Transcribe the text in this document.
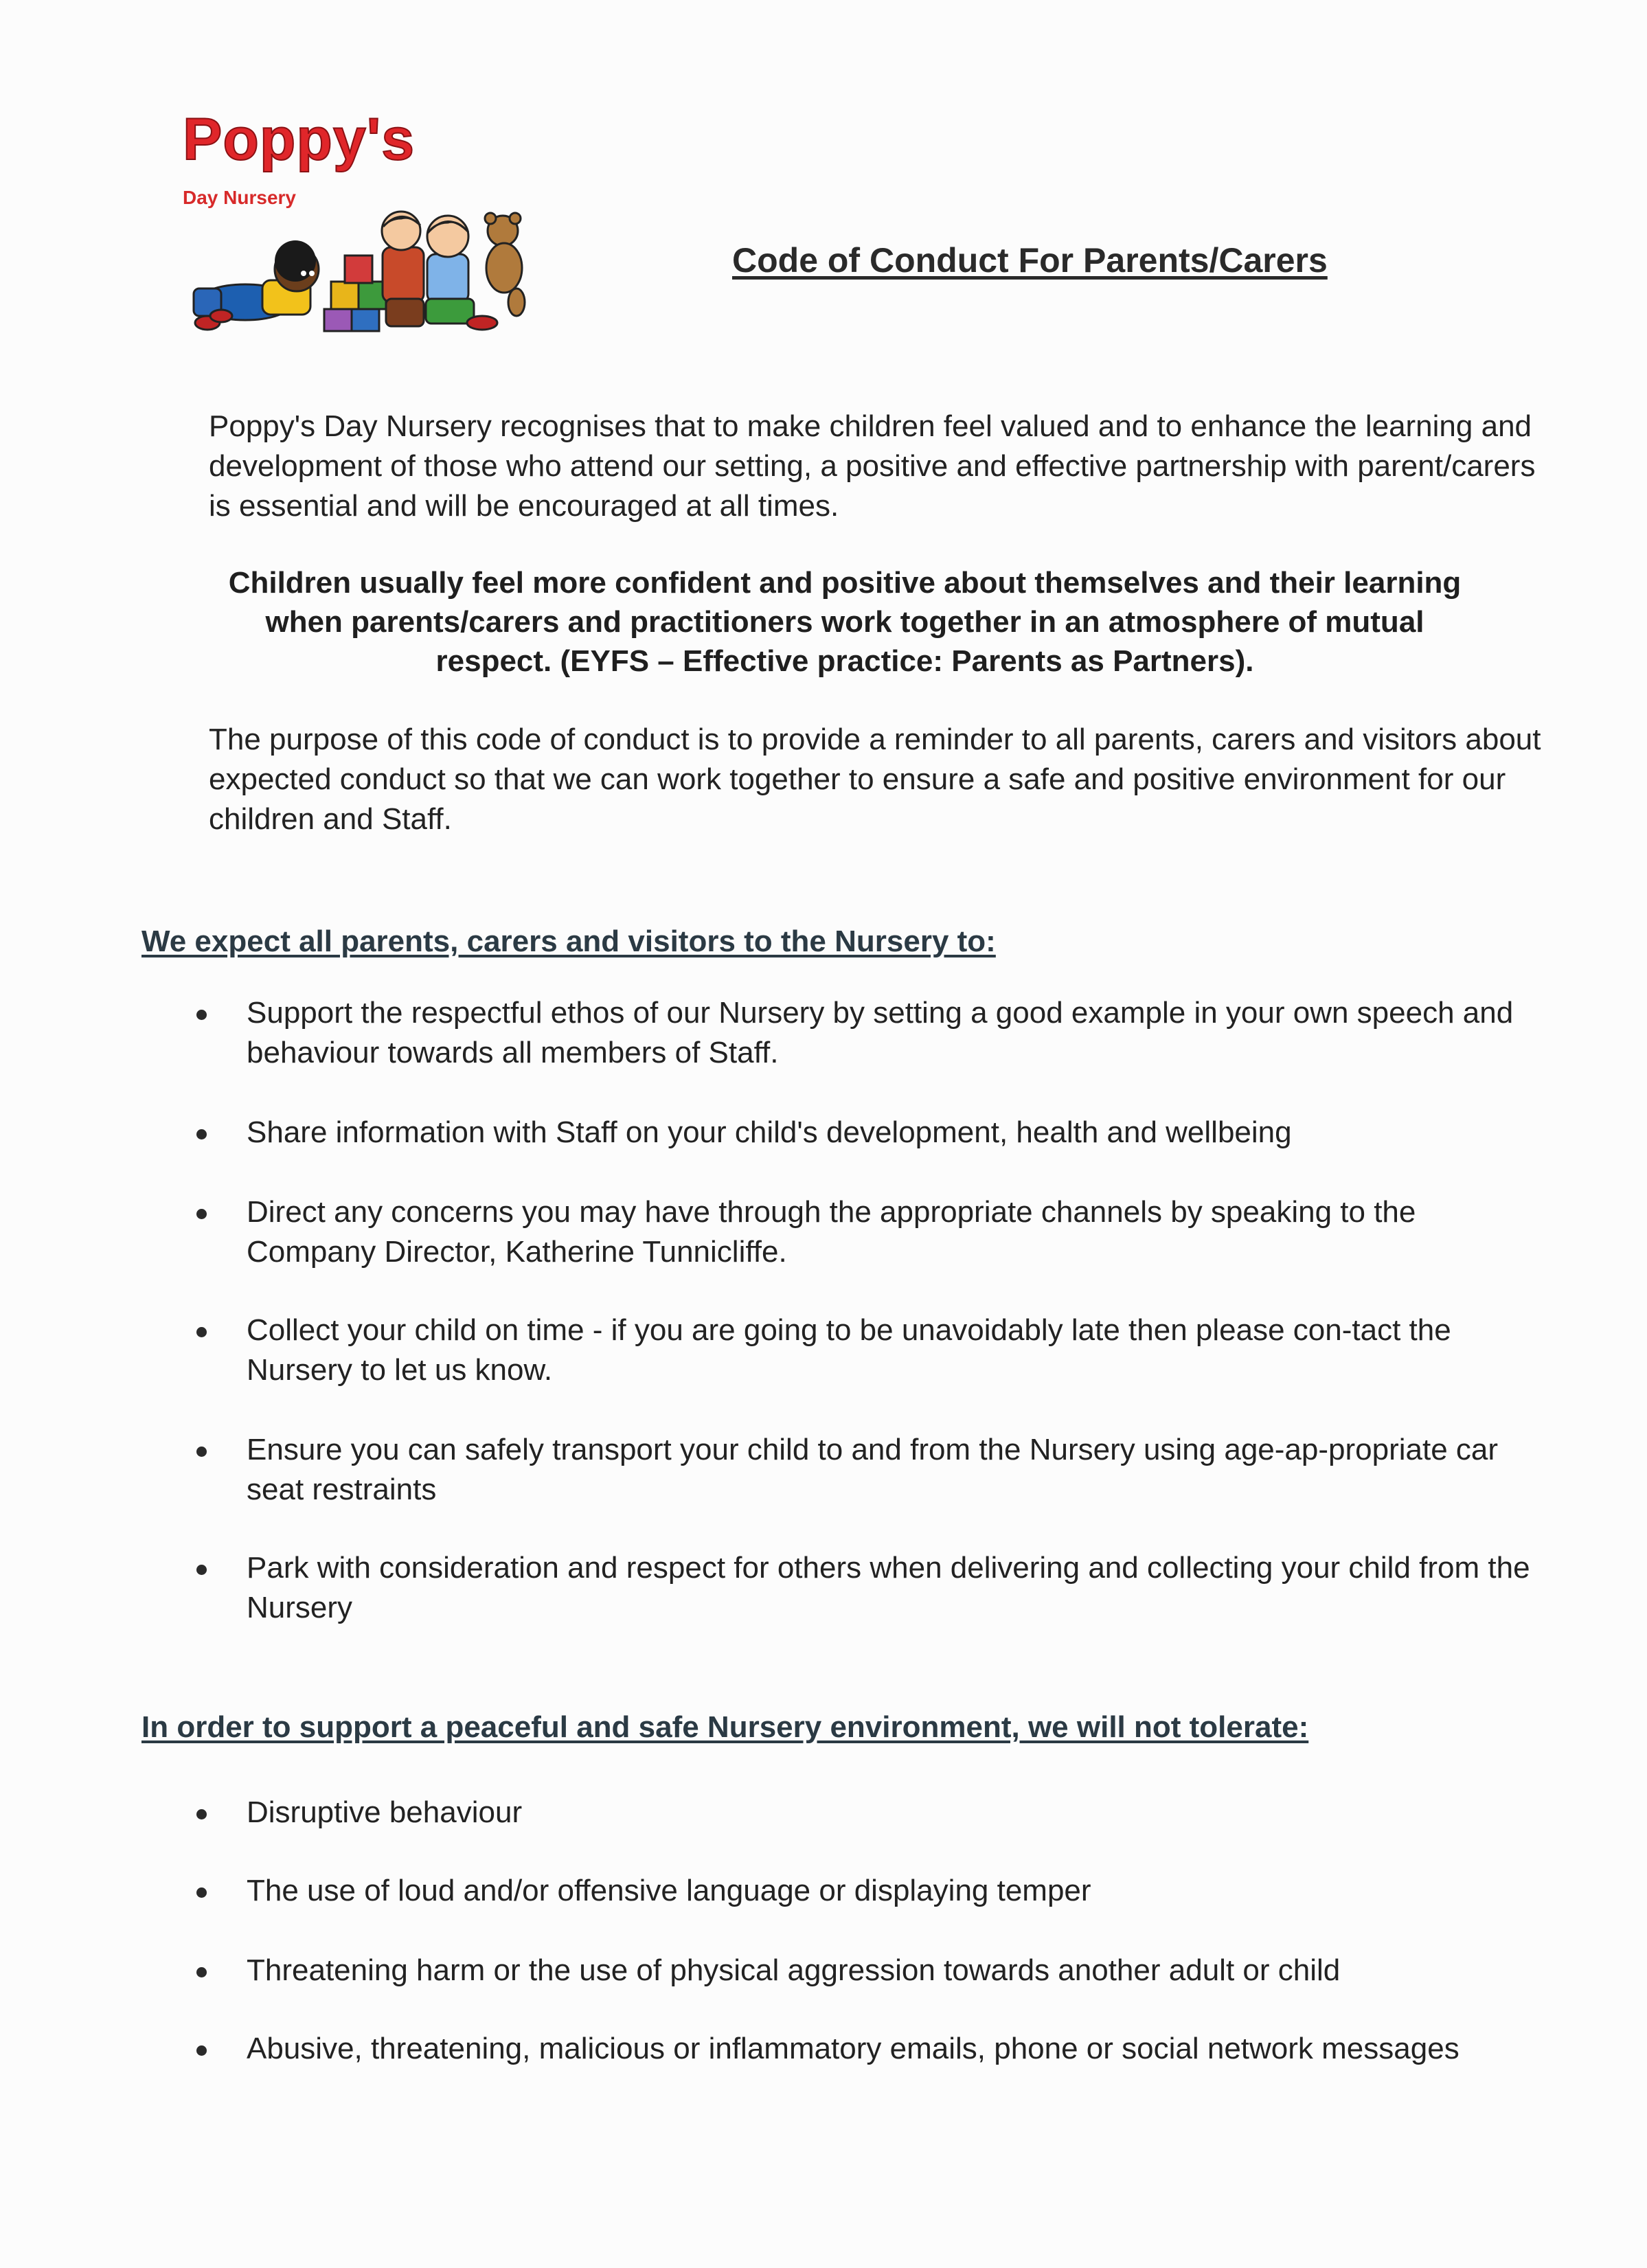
Poppy's
Day Nursery
Code of Conduct For Parents/Carers

Poppy's Day Nursery recognises that to make children feel valued and to enhance the learning and development of those who attend our setting, a positive and effective partnership with parent/carers is essential and will be encouraged at all times.

Children usually feel more confident and positive about themselves and their learning when parents/carers and practitioners work together in an atmosphere of mutual respect. (EYFS – Effective practice: Parents as Partners).

The purpose of this code of conduct is to provide a reminder to all parents, carers and visitors about expected conduct so that we can work together to ensure a safe and positive environment for our children and Staff.

We expect all parents, carers and visitors to the Nursery to:

Support the respectful ethos of our Nursery by setting a good example in your own speech and behaviour towards all members of Staff.

Share information with Staff on your child's development, health and wellbeing

Direct any concerns you may have through the appropriate channels by speaking to the Company Director, Katherine Tunnicliffe.

Collect your child on time - if you are going to be unavoidably late then please con-tact the Nursery to let us know.

Ensure you can safely transport your child to and from the Nursery using age-ap-propriate car seat restraints

Park with consideration and respect for others when delivering and collecting your child from the Nursery

In order to support a peaceful and safe Nursery environment, we will not tolerate:

Disruptive behaviour

The use of loud and/or offensive language or displaying temper

Threatening harm or the use of physical aggression towards another adult or child

Abusive, threatening, malicious or inflammatory emails, phone or social network messages
